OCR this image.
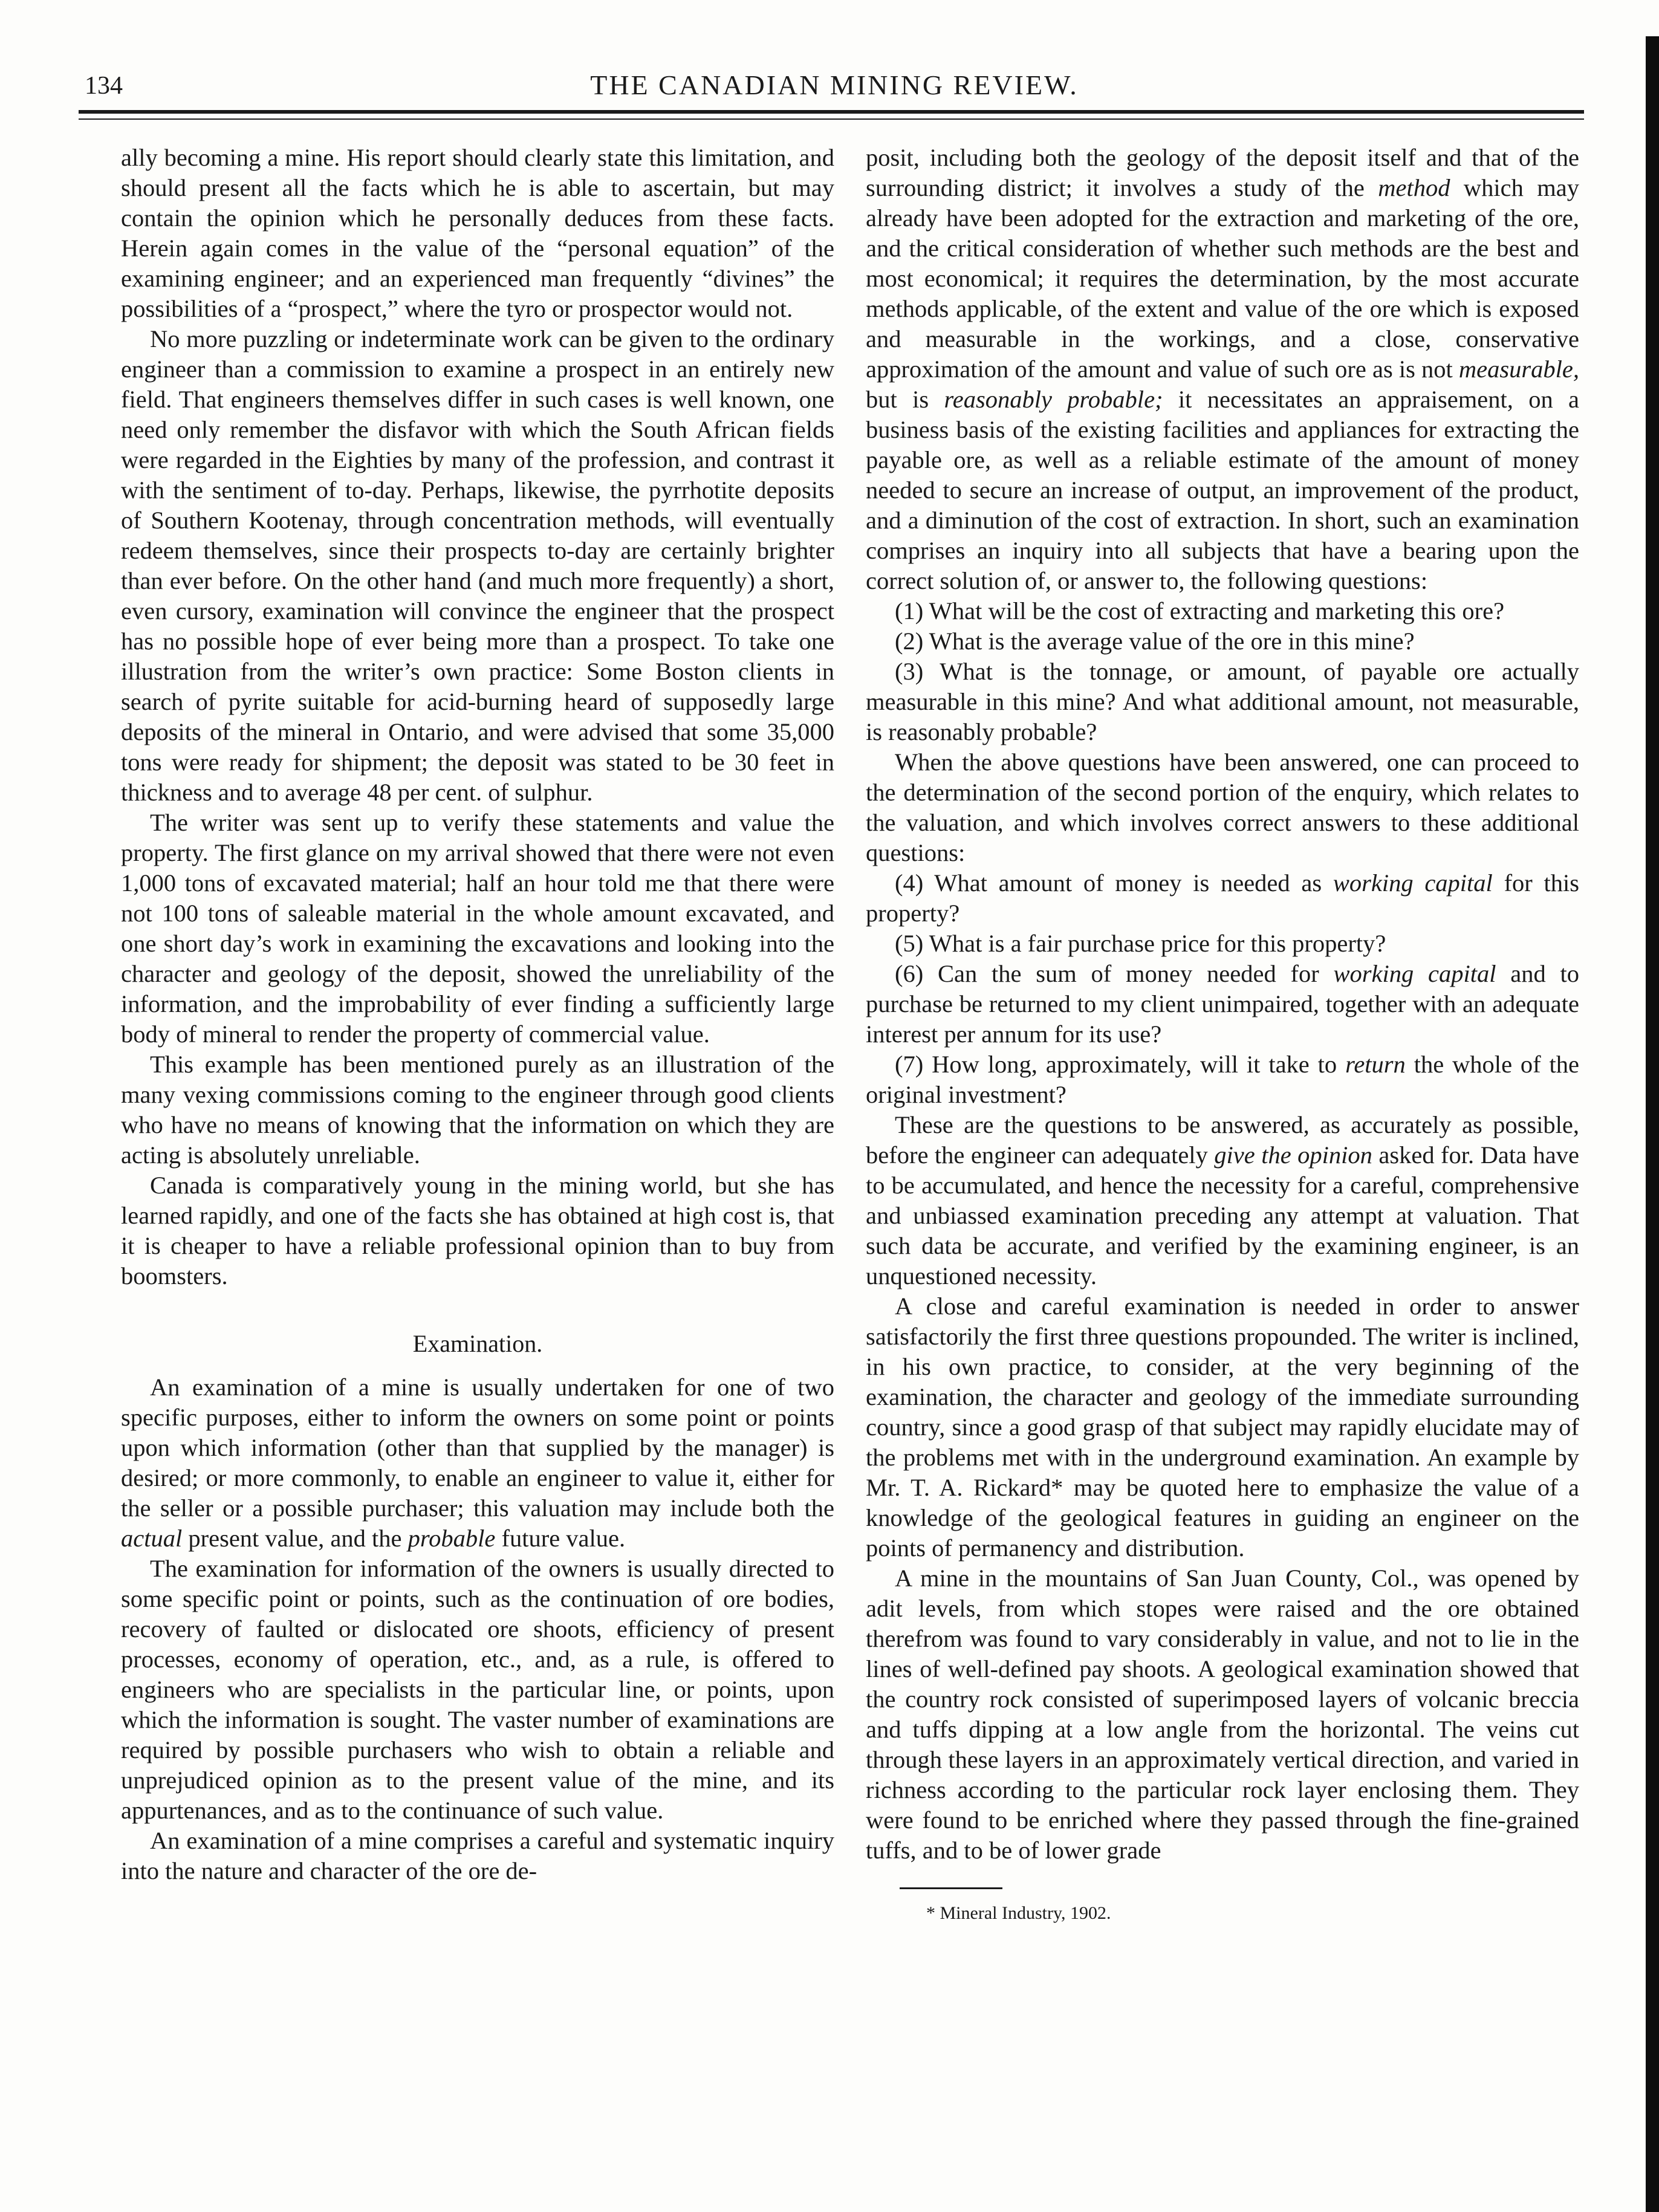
134	THE CANADIAN MINING REVIEW.

ally becoming a mine. His report should clearly state this limitation, and should present all the facts which he is able to ascertain, but may contain the opinion which he personally deduces from these facts. Herein again comes in the value of the “personal equation” of the examining engineer; and an experienced man frequently “divines” the possibilities of a “prospect,” where the tyro or prospector would not.

No more puzzling or indeterminate work can be given to the ordinary engineer than a commission to examine a prospect in an entirely new field. That engineers themselves differ in such cases is well known, one need only remember the disfavor with which the South African fields were regarded in the Eighties by many of the profession, and contrast it with the sentiment of to-day. Perhaps, likewise, the pyrrhotite deposits of Southern Kootenay, through concentration methods, will eventually redeem themselves, since their prospects to-day are certainly brighter than ever before. On the other hand (and much more frequently) a short, even cursory, examination will convince the engineer that the prospect has no possible hope of ever being more than a prospect. To take one illustration from the writer’s own practice: Some Boston clients in search of pyrite suitable for acid-burning heard of supposedly large deposits of the mineral in Ontario, and were advised that some 35,000 tons were ready for shipment; the deposit was stated to be 30 feet in thickness and to average 48 per cent. of sulphur.

The writer was sent up to verify these statements and value the property. The first glance on my arrival showed that there were not even 1,000 tons of excavated material; half an hour told me that there were not 100 tons of saleable material in the whole amount excavated, and one short day’s work in examining the excavations and looking into the character and geology of the deposit, showed the unreliability of the information, and the improbability of ever finding a sufficiently large body of mineral to render the property of commercial value.

This example has been mentioned purely as an illustration of the many vexing commissions coming to the engineer through good clients who have no means of knowing that the information on which they are acting is absolutely unreliable.

Canada is comparatively young in the mining world, but she has learned rapidly, and one of the facts she has obtained at high cost is, that it is cheaper to have a reliable professional opinion than to buy from boomsters.

Examination.

An examination of a mine is usually undertaken for one of two specific purposes, either to inform the owners on some point or points upon which information (other than that supplied by the manager) is desired; or more commonly, to enable an engineer to value it, either for the seller or a possible purchaser; this valuation may include both the actual present value, and the probable future value.

The examination for information of the owners is usually directed to some specific point or points, such as the continuation of ore bodies, recovery of faulted or dislocated ore shoots, efficiency of present processes, economy of operation, etc., and, as a rule, is offered to engineers who are specialists in the particular line, or points, upon which the information is sought. The vaster number of examinations are required by possible purchasers who wish to obtain a reliable and unprejudiced opinion as to the present value of the mine, and its appurtenances, and as to the continuance of such value.

An examination of a mine comprises a careful and systematic inquiry into the nature and character of the ore de-

posit, including both the geology of the deposit itself and that of the surrounding district; it involves a study of the method which may already have been adopted for the extraction and marketing of the ore, and the critical consideration of whether such methods are the best and most economical; it requires the determination, by the most accurate methods applicable, of the extent and value of the ore which is exposed and measurable in the workings, and a close, conservative approximation of the amount and value of such ore as is not measurable, but is reasonably probable; it necessitates an appraisement, on a business basis of the existing facilities and appliances for extracting the payable ore, as well as a reliable estimate of the amount of money needed to secure an increase of output, an improvement of the product, and a diminution of the cost of extraction. In short, such an examination comprises an inquiry into all subjects that have a bearing upon the correct solution of, or answer to, the following questions:

(1) What will be the cost of extracting and marketing this ore?

(2) What is the average value of the ore in this mine?

(3) What is the tonnage, or amount, of payable ore actually measurable in this mine? And what additional amount, not measurable, is reasonably probable?

When the above questions have been answered, one can proceed to the determination of the second portion of the enquiry, which relates to the valuation, and which involves correct answers to these additional questions:

(4) What amount of money is needed as working capital for this property?

(5) What is a fair purchase price for this property?

(6) Can the sum of money needed for working capital and to purchase be returned to my client unimpaired, together with an adequate interest per annum for its use?

(7) How long, approximately, will it take to return the whole of the original investment?

These are the questions to be answered, as accurately as possible, before the engineer can adequately give the opinion asked for. Data have to be accumulated, and hence the necessity for a careful, comprehensive and unbiassed examination preceding any attempt at valuation. That such data be accurate, and verified by the examining engineer, is an unquestioned necessity.

A close and careful examination is needed in order to answer satisfactorily the first three questions propounded. The writer is inclined, in his own practice, to consider, at the very beginning of the examination, the character and geology of the immediate surrounding country, since a good grasp of that subject may rapidly elucidate may of the problems met with in the underground examination. An example by Mr. T. A. Rickard* may be quoted here to emphasize the value of a knowledge of the geological features in guiding an engineer on the points of permanency and distribution.

A mine in the mountains of San Juan County, Col., was opened by adit levels, from which stopes were raised and the ore obtained therefrom was found to vary considerably in value, and not to lie in the lines of well-defined pay shoots. A geological examination showed that the country rock consisted of superimposed layers of volcanic breccia and tuffs dipping at a low angle from the horizontal. The veins cut through these layers in an approximately vertical direction, and varied in richness according to the particular rock layer enclosing them. They were found to be enriched where they passed through the fine-grained tuffs, and to be of lower grade

* Mineral Industry, 1902.
